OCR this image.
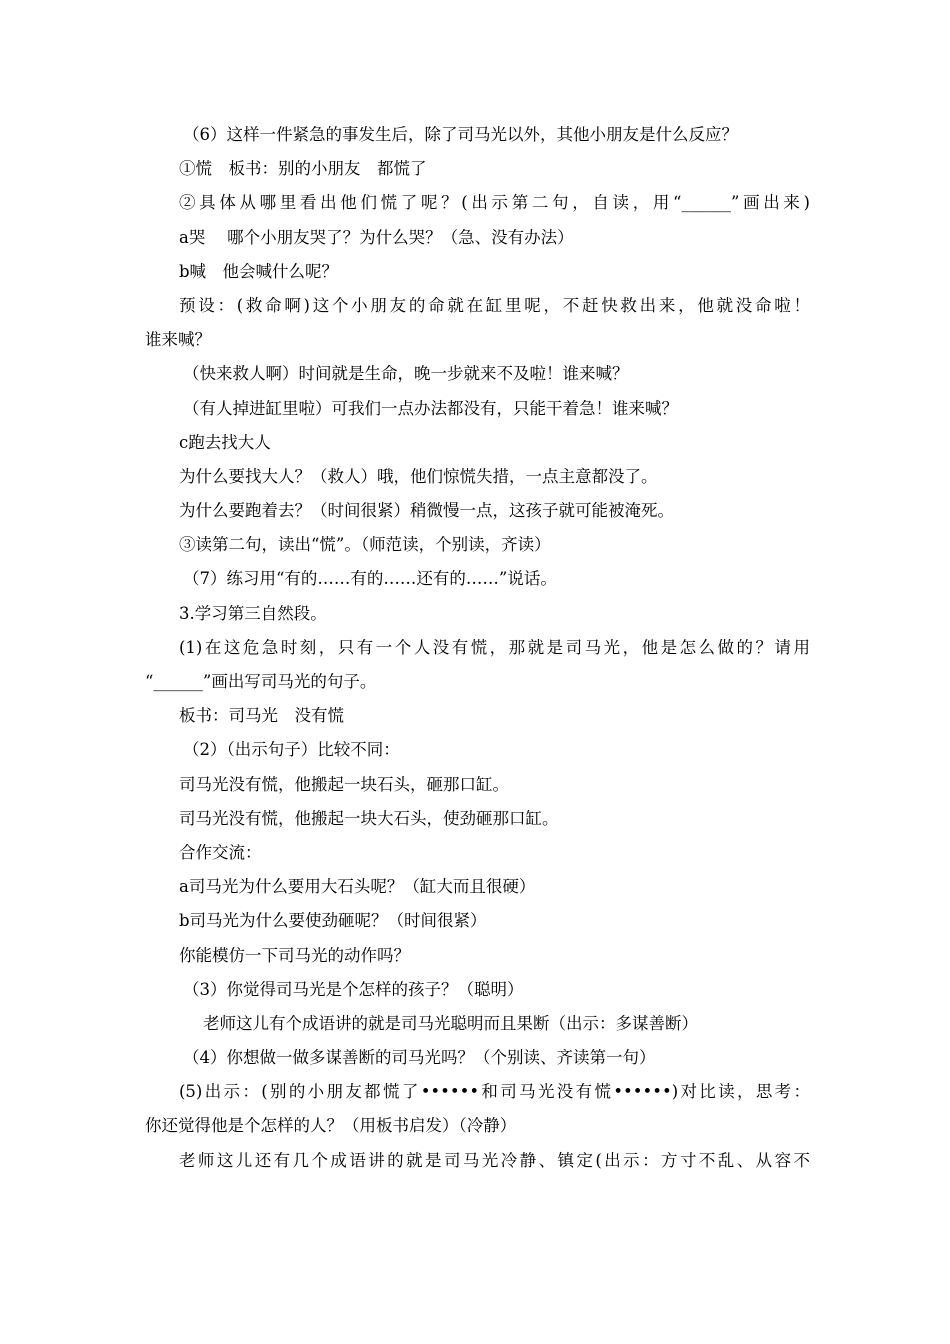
（6）这样一件紧急的事发生后，除了司马光以外，其他小朋友是什么反应？
①慌　板书：别的小朋友　都慌了
②具体从哪里看出他们慌了呢？(出示第二句，自读，用“______”画出来)
a哭　 哪个小朋友哭了？为什么哭？（急、没有办法）
b喊　他会喊什么呢？
预设：(救命啊)这个小朋友的命就在缸里呢，不赶快救出来，他就没命啦！
谁来喊？
（快来救人啊）时间就是生命，晚一步就来不及啦！谁来喊？
（有人掉进缸里啦）可我们一点办法都没有，只能干着急！谁来喊？
c跑去找大人
为什么要找大人？（救人）哦，他们惊慌失措，一点主意都没了。
为什么要跑着去？（时间很紧）稍微慢一点，这孩子就可能被淹死。
③读第二句，读出“慌”。（师范读，个别读，齐读）
（7）练习用“有的……有的……还有的……”说话。
3.学习第三自然段。
(1)在这危急时刻，只有一个人没有慌，那就是司马光，他是怎么做的？请用
“______”画出写司马光的句子。
板书：司马光　没有慌
（2）（出示句子）比较不同：
司马光没有慌，他搬起一块石头，砸那口缸。
司马光没有慌，他搬起一块大石头，使劲砸那口缸。
合作交流：
a司马光为什么要用大石头呢？（缸大而且很硬）
b司马光为什么要使劲砸呢？（时间很紧）
你能模仿一下司马光的动作吗？
（3）你觉得司马光是个怎样的孩子？（聪明）
老师这儿有个成语讲的就是司马光聪明而且果断（出示：多谋善断）
（4）你想做一做多谋善断的司马光吗？（个别读、齐读第一句）
(5)出示：(别的小朋友都慌了••••••和司马光没有慌••••••)对比读，思考：
你还觉得他是个怎样的人？（用板书启发）（冷静）
老师这儿还有几个成语讲的就是司马光冷静、镇定(出示：方寸不乱、从容不
